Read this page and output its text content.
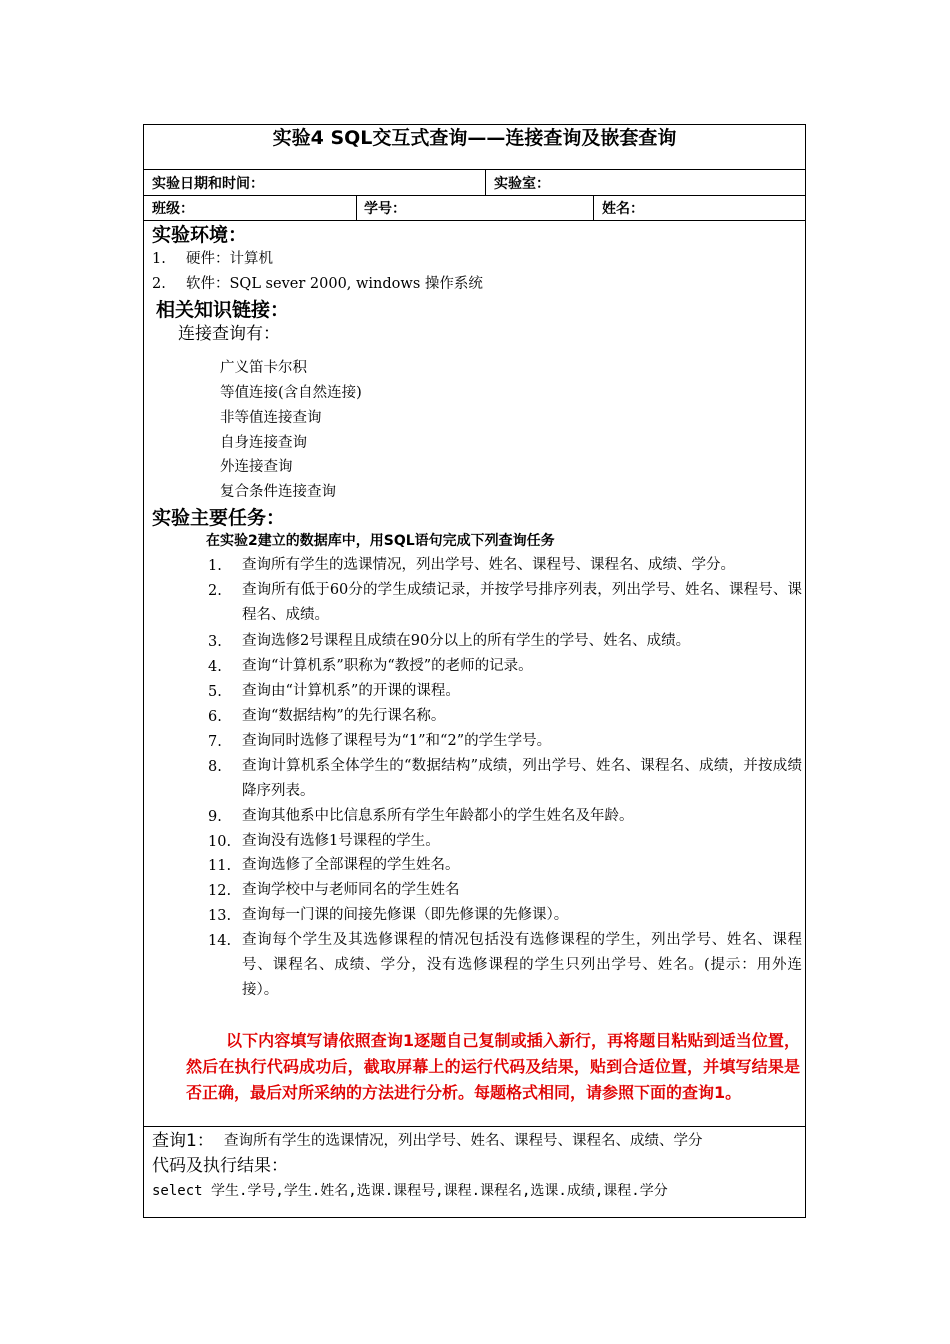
实验4 SQL交互式查询——连接查询及嵌套查询
实验日期和时间：	实验室：
班级：	学号：	姓名：
实验环境：
1. 硬件：计算机
2. 软件：SQL sever 2000, windows 操作系统
相关知识链接：
连接查询有：
广义笛卡尔积
等值连接(含自然连接)
非等值连接查询
自身连接查询
外连接查询
复合条件连接查询
实验主要任务：
在实验2建立的数据库中，用SQL语句完成下列查询任务
1. 查询所有学生的选课情况，列出学号、姓名、课程号、课程名、成绩、学分。
2. 查询所有低于60分的学生成绩记录，并按学号排序列表，列出学号、姓名、课程号、课程名、成绩。
3. 查询选修2号课程且成绩在90分以上的所有学生的学号、姓名、成绩。
4. 查询“计算机系”职称为“教授”的老师的记录。
5. 查询由“计算机系”的开课的课程。
6. 查询“数据结构”的先行课名称。
7. 查询同时选修了课程号为“1”和“2”的学生学号。
8. 查询计算机系全体学生的“数据结构”成绩，列出学号、姓名、课程名、成绩，并按成绩降序列表。
9. 查询其他系中比信息系所有学生年龄都小的学生姓名及年龄。
10. 查询没有选修1号课程的学生。
11. 查询选修了全部课程的学生姓名。
12. 查询学校中与老师同名的学生姓名
13. 查询每一门课的间接先修课（即先修课的先修课）。
14. 查询每个学生及其选修课程的情况包括没有选修课程的学生，列出学号、姓名、课程号、课程名、成绩、学分，没有选修课程的学生只列出学号、姓名。(提示：用外连接）。
以下内容填写请依照查询1逐题自己复制或插入新行，再将题目粘贴到适当位置，然后在执行代码成功后，截取屏幕上的运行代码及结果，贴到合适位置，并填写结果是否正确，最后对所采纳的方法进行分析。每题格式相同，请参照下面的查询1。
查询1： 查询所有学生的选课情况，列出学号、姓名、课程号、课程名、成绩、学分
代码及执行结果：
select 学生.学号,学生.姓名,选课.课程号,课程.课程名,选课.成绩,课程.学分
